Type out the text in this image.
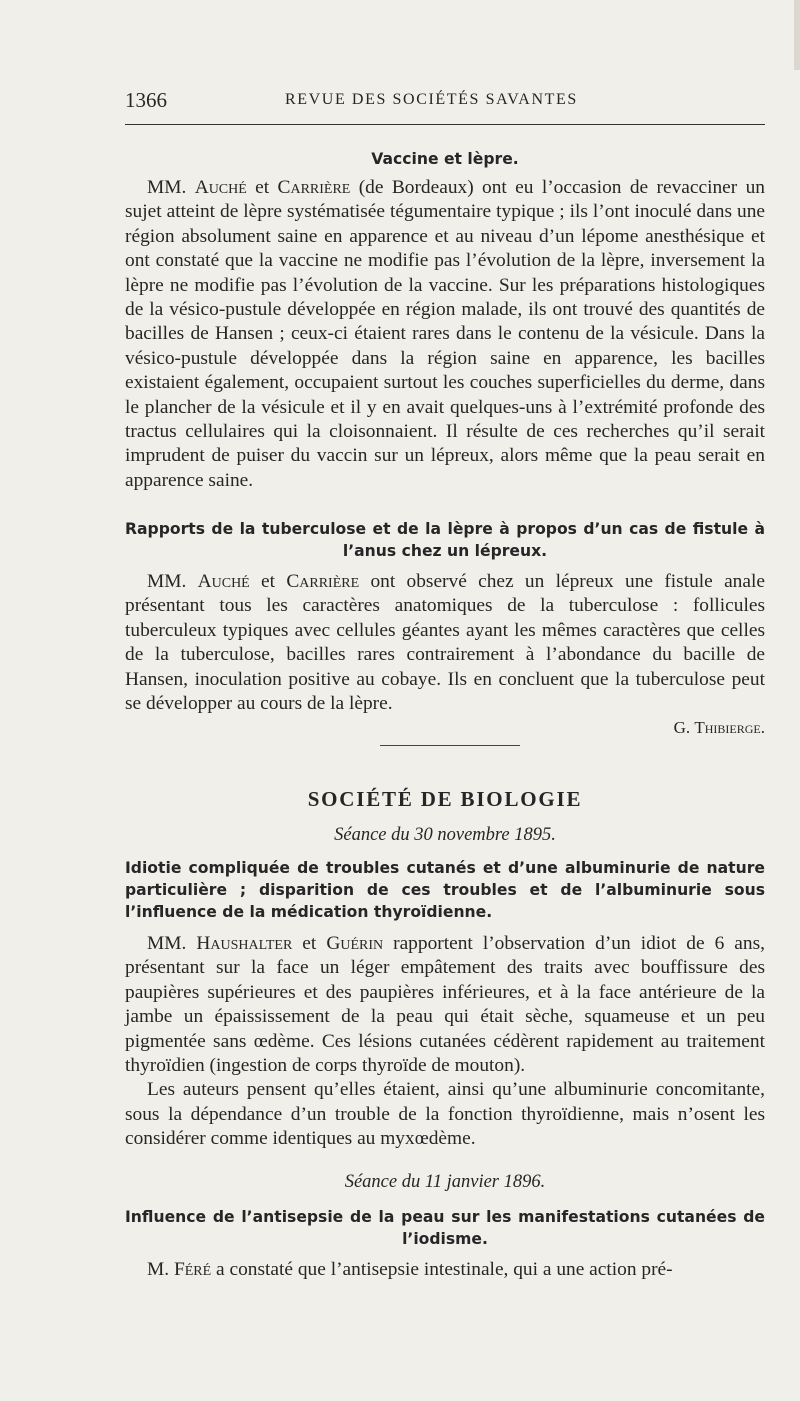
1366	REVUE DES SOCIÉTÉS SAVANTES
Vaccine et lèpre.

MM. Auché et Carrière (de Bordeaux) ont eu l’occasion de revacciner un sujet atteint de lèpre systématisée tégumentaire typique ; ils l’ont inoculé dans une région absolument saine en apparence et au niveau d’un lépome anesthésique et ont constaté que la vaccine ne modifie pas l’évolution de la lèpre, inversement la lèpre ne modifie pas l’évolution de la vaccine. Sur les préparations histologiques de la vésico-pustule développée en région malade, ils ont trouvé des quantités de bacilles de Hansen ; ceux-ci étaient rares dans le contenu de la vésicule. Dans la vésico-pustule développée dans la région saine en apparence, les bacilles existaient également, occupaient surtout les couches superficielles du derme, dans le plancher de la vésicule et il y en avait quelques-uns à l’extrémité profonde des tractus cellulaires qui la cloisonnaient. Il résulte de ces recherches qu’il serait imprudent de puiser du vaccin sur un lépreux, alors même que la peau serait en apparence saine.

Rapports de la tuberculose et de la lèpre à propos d’un cas de fistule à l’anus chez un lépreux.

MM. Auché et Carrière ont observé chez un lépreux une fistule anale présentant tous les caractères anatomiques de la tuberculose : follicules tuberculeux typiques avec cellules géantes ayant les mêmes caractères que celles de la tuberculose, bacilles rares contrairement à l’abondance du bacille de Hansen, inoculation positive au cobaye. Ils en concluent que la tuberculose peut se développer au cours de la lèpre.

G. Thibierge.

SOCIÉTÉ DE BIOLOGIE

Séance du 30 novembre 1895.

Idiotie compliquée de troubles cutanés et d’une albuminurie de nature particulière ; disparition de ces troubles et de l’albuminurie sous l’influence de la médication thyroïdienne.

MM. Haushalter et Guérin rapportent l’observation d’un idiot de 6 ans, présentant sur la face un léger empâtement des traits avec bouffissure des paupières supérieures et des paupières inférieures, et à la face antérieure de la jambe un épaississement de la peau qui était sèche, squameuse et un peu pigmentée sans œdème. Ces lésions cutanées cédèrent rapidement au traitement thyroïdien (ingestion de corps thyroïde de mouton).

Les auteurs pensent qu’elles étaient, ainsi qu’une albuminurie concomitante, sous la dépendance d’un trouble de la fonction thyroïdienne, mais n’osent les considérer comme identiques au myxœdème.

Séance du 11 janvier 1896.

Influence de l’antisepsie de la peau sur les manifestations cutanées de l’iodisme.

M. Féré a constaté que l’antisepsie intestinale, qui a une action pré-
